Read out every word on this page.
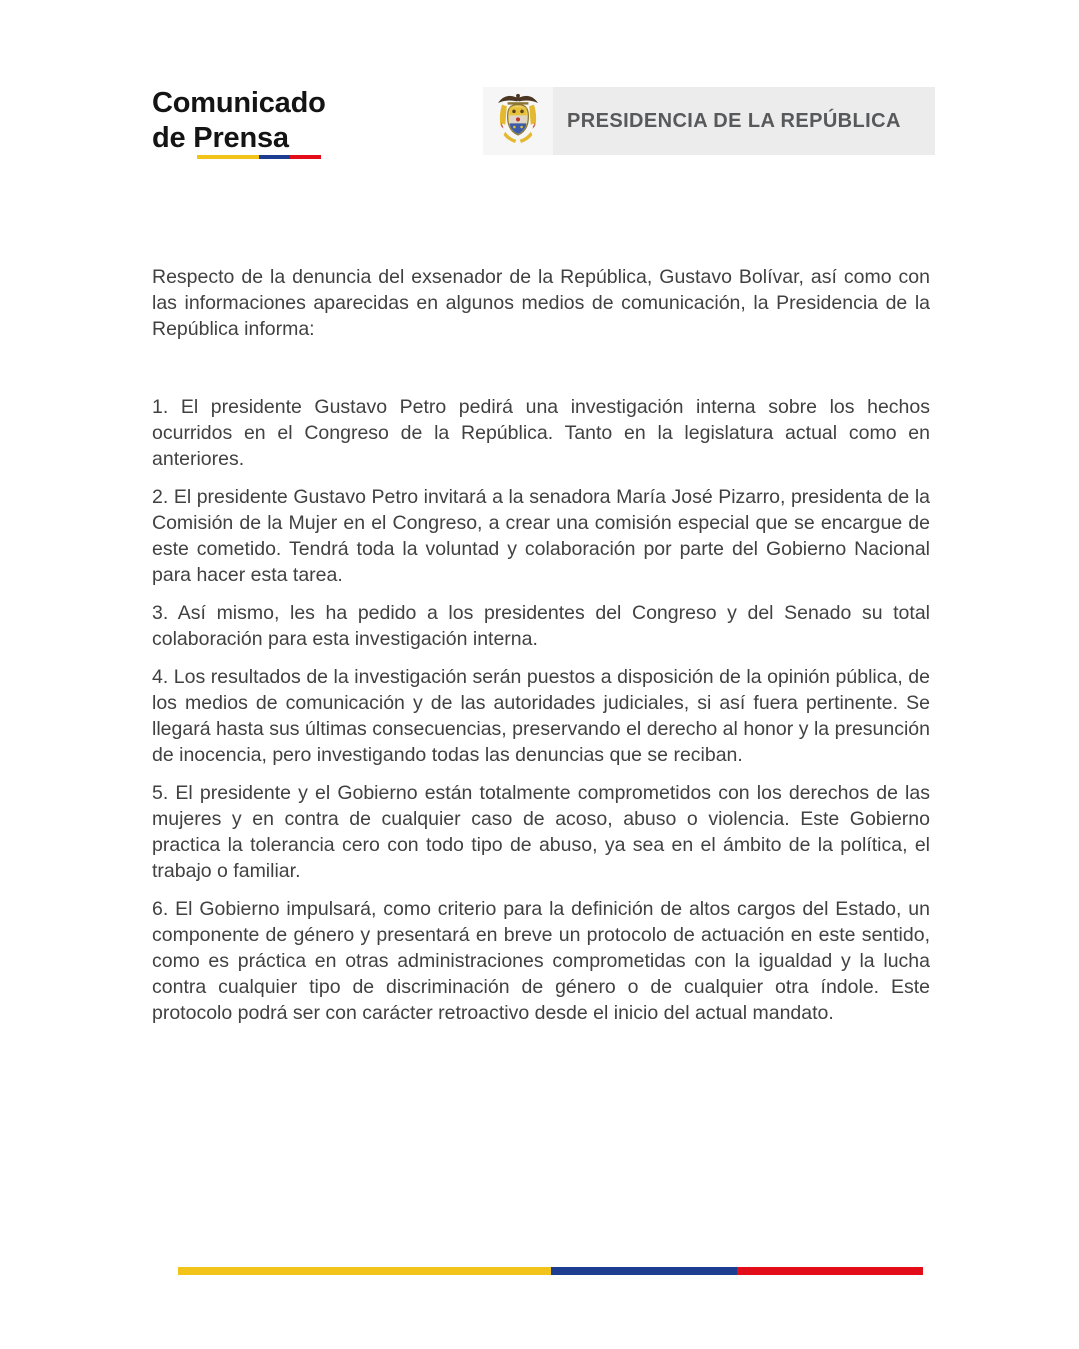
Comunicado
de Prensa
PRESIDENCIA DE LA REPÚBLICA

Respecto de la denuncia del exsenador de la República, Gustavo Bolívar, así como con las informaciones aparecidas en algunos medios de comunicación, la Presidencia de la República informa:

1. El presidente Gustavo Petro pedirá una investigación interna sobre los hechos ocurridos en el Congreso de la República. Tanto en la legislatura actual como en anteriores.

2. El presidente Gustavo Petro invitará a la senadora María José Pizarro, presidenta de la Comisión de la Mujer en el Congreso, a crear una comisión especial que se encargue de este cometido. Tendrá toda la voluntad y colaboración por parte del Gobierno Nacional para hacer esta tarea.

3. Así mismo, les ha pedido a los presidentes del Congreso y del Senado su total colaboración para esta investigación interna.

4. Los resultados de la investigación serán puestos a disposición de la opinión pública, de los medios de comunicación y de las autoridades judiciales, si así fuera pertinente. Se llegará hasta sus últimas consecuencias, preservando el derecho al honor y la presunción de inocencia, pero investigando todas las denuncias que se reciban.

5. El presidente y el Gobierno están totalmente comprometidos con los derechos de las mujeres y en contra de cualquier caso de acoso, abuso o violencia. Este Gobierno practica la tolerancia cero con todo tipo de abuso, ya sea en el ámbito de la política, el trabajo o familiar.

6. El Gobierno impulsará, como criterio para la definición de altos cargos del Estado, un componente de género y presentará en breve un protocolo de actuación en este sentido, como es práctica en otras administraciones comprometidas con la igualdad y la lucha contra cualquier tipo de discriminación de género o de cualquier otra índole. Este protocolo podrá ser con carácter retroactivo desde el inicio del actual mandato.
